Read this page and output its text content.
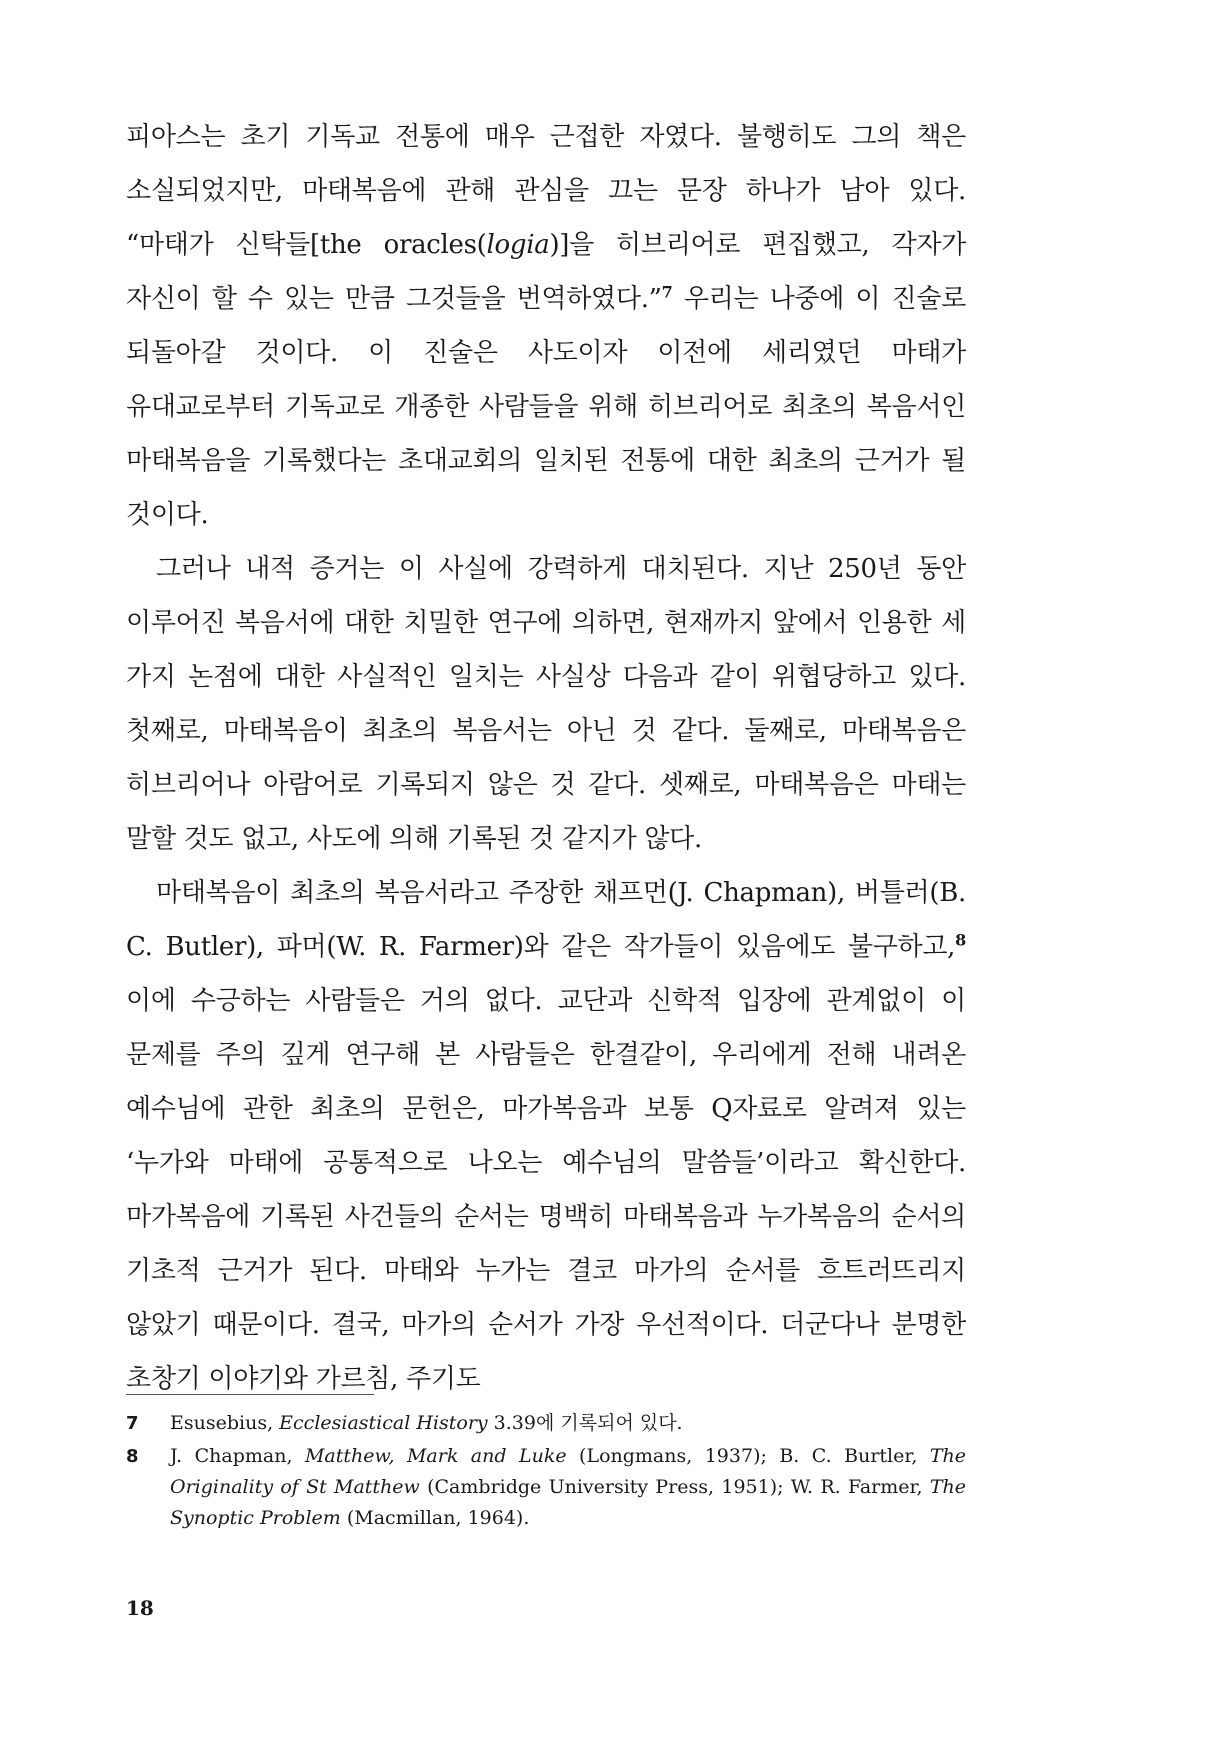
피아스는 초기 기독교 전통에 매우 근접한 자였다. 불행히도 그의 책은 소실되었지만, 마태복음에 관해 관심을 끄는 문장 하나가 남아 있다. “마태가 신탁들[the oracles(logia)]을 히브리어로 편집했고, 각자가 자신이 할 수 있는 만큼 그것들을 번역하였다.”$^7$ 우리는 나중에 이 진술로 되돌아갈 것이다. 이 진술은 사도이자 이전에 세리였던 마태가 유대교로부터 기독교로 개종한 사람들을 위해 히브리어로 최초의 복음서인 마태복음을 기록했다는 초대교회의 일치된 전통에 대한 최초의 근거가 될 것이다.

그러나 내적 증거는 이 사실에 강력하게 대치된다. 지난 250년 동안 이루어진 복음서에 대한 치밀한 연구에 의하면, 현재까지 앞에서 인용한 세 가지 논점에 대한 사실적인 일치는 사실상 다음과 같이 위협당하고 있다. 첫째로, 마태복음이 최초의 복음서는 아닌 것 같다. 둘째로, 마태복음은 히브리어나 아람어로 기록되지 않은 것 같다. 셋째로, 마태복음은 마태는 말할 것도 없고, 사도에 의해 기록된 것 같지가 않다.

마태복음이 최초의 복음서라고 주장한 채프먼(J. Chapman), 버틀러(B. C. Butler), 파머(W. R. Farmer)와 같은 작가들이 있음에도 불구하고,$^8$ 이에 수긍하는 사람들은 거의 없다. 교단과 신학적 입장에 관계없이 이 문제를 주의 깊게 연구해 본 사람들은 한결같이, 우리에게 전해 내려온 예수님에 관한 최초의 문헌은, 마가복음과 보통 Q자료로 알려져 있는 ‘누가와 마태에 공통적으로 나오는 예수님의 말씀들’이라고 확신한다. 마가복음에 기록된 사건들의 순서는 명백히 마태복음과 누가복음의 순서의 기초적 근거가 된다. 마태와 누가는 결코 마가의 순서를 흐트러뜨리지 않았기 때문이다. 결국, 마가의 순서가 가장 우선적이다. 더군다나 분명한 초창기 이야기와 가르침, 주기도

7 Esusebius, Ecclesiastical History 3.39에 기록되어 있다.

8 J. Chapman, Matthew, Mark and Luke (Longmans, 1937); B. C. Burtler, The Originality of St Matthew (Cambridge University Press, 1951); W. R. Farmer, The Synoptic Problem (Macmillan, 1964).

18
